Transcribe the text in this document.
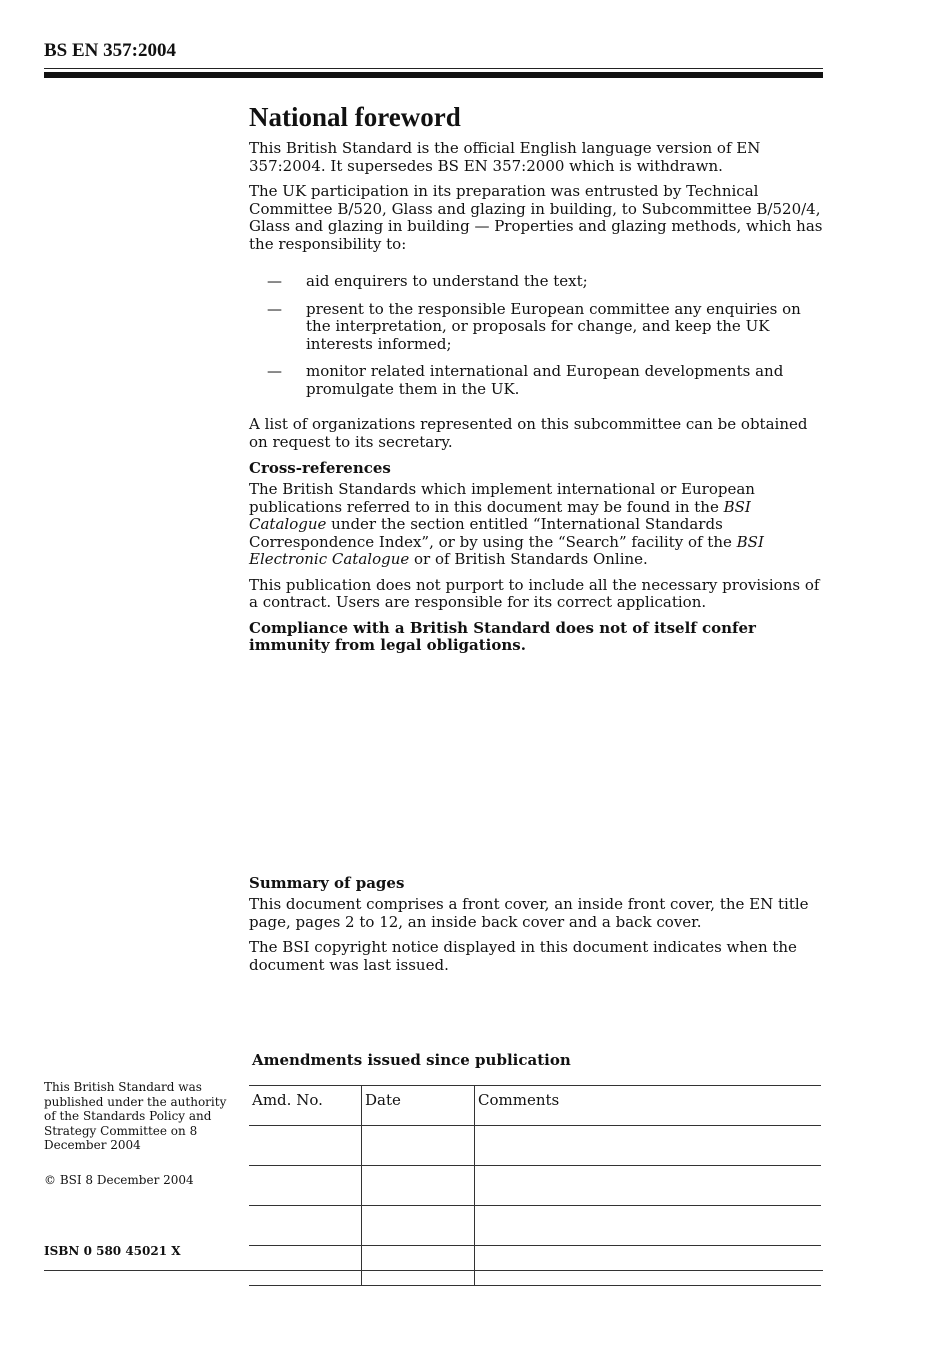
BS EN 357:2004
National foreword

This British Standard is the official English language version of EN 357:2004. It supersedes BS EN 357:2000 which is withdrawn.

The UK participation in its preparation was entrusted by Technical Committee B/520, Glass and glazing in building, to Subcommittee B/520/4, Glass and glazing in building — Properties and glazing methods, which has the responsibility to:

— aid enquirers to understand the text;
— present to the responsible European committee any enquiries on the interpretation, or proposals for change, and keep the UK interests informed;
— monitor related international and European developments and promulgate them in the UK.

A list of organizations represented on this subcommittee can be obtained on request to its secretary.

Cross-references

The British Standards which implement international or European publications referred to in this document may be found in the BSI Catalogue under the section entitled “International Standards Correspondence Index”, or by using the “Search” facility of the BSI Electronic Catalogue or of British Standards Online.

This publication does not purport to include all the necessary provisions of a contract. Users are responsible for its correct application.

Compliance with a British Standard does not of itself confer immunity from legal obligations.

Summary of pages

This document comprises a front cover, an inside front cover, the EN title page, pages 2 to 12, an inside back cover and a back cover.

The BSI copyright notice displayed in this document indicates when the document was last issued.

Amendments issued since publication
Amd. No.	Date	Comments

This British Standard was published under the authority of the Standards Policy and Strategy Committee on 8 December 2004

© BSI 8 December 2004

ISBN 0 580 45021 X
